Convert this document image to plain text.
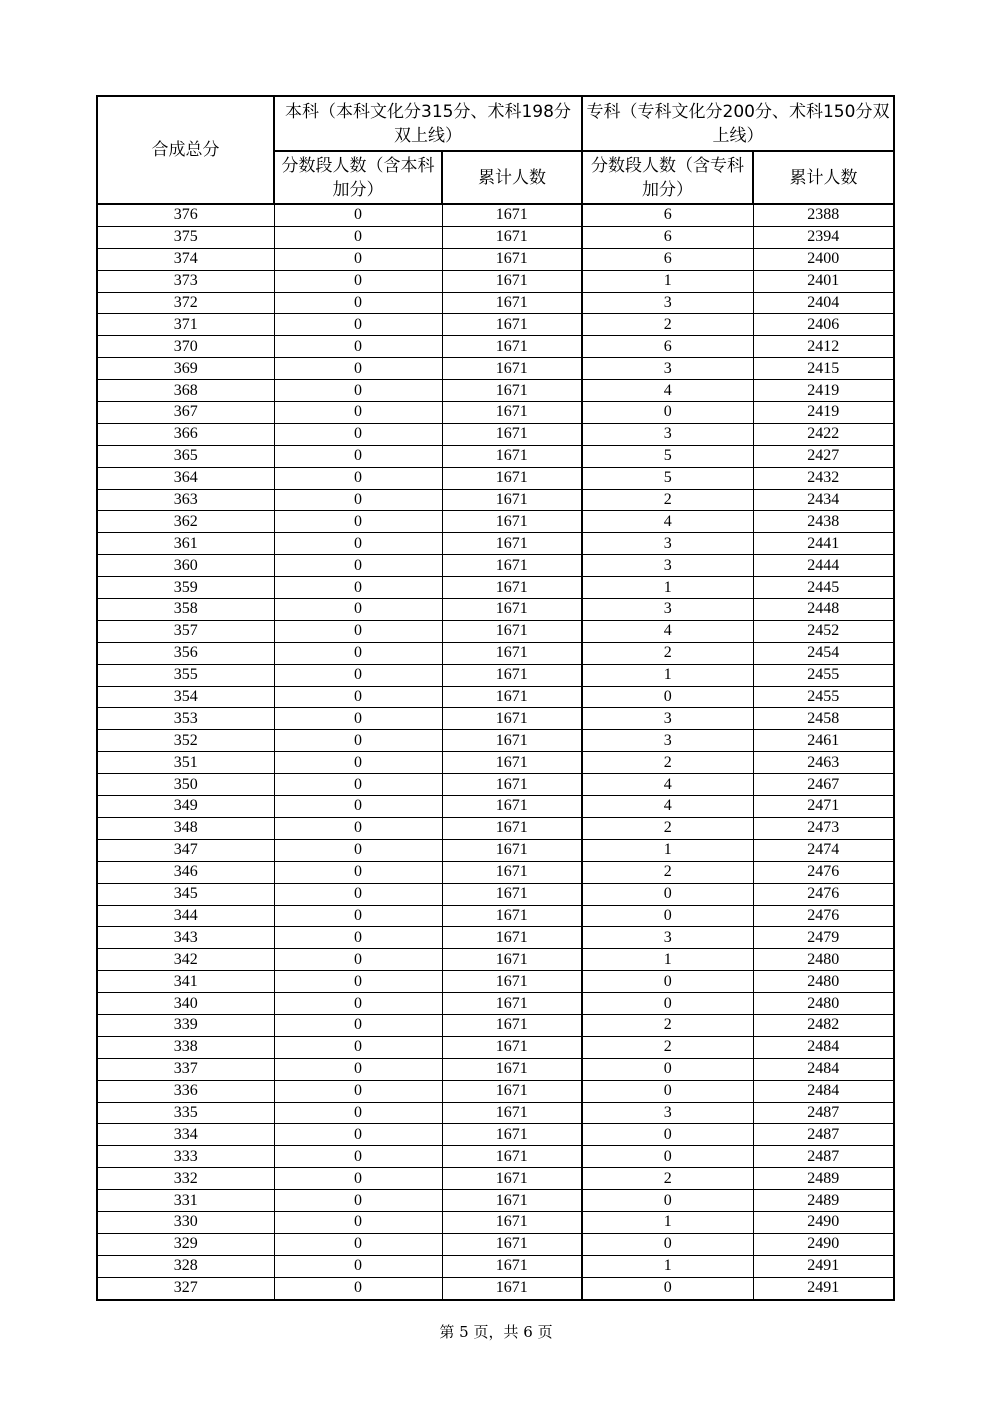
合成总分	本科（本科文化分315分、术科198分双上线）		专科（专科文化分200分、术科150分双上线）	

	分数段人数（含本科加分）	累计人数	分数段人数（含专科加分）	累计人数

376	0	1671	6	2388
375	0	1671	6	2394
374	0	1671	6	2400
373	0	1671	1	2401
372	0	1671	3	2404
371	0	1671	2	2406
370	0	1671	6	2412
369	0	1671	3	2415
368	0	1671	4	2419
367	0	1671	0	2419
366	0	1671	3	2422
365	0	1671	5	2427
364	0	1671	5	2432
363	0	1671	2	2434
362	0	1671	4	2438
361	0	1671	3	2441
360	0	1671	3	2444
359	0	1671	1	2445
358	0	1671	3	2448
357	0	1671	4	2452
356	0	1671	2	2454
355	0	1671	1	2455
354	0	1671	0	2455
353	0	1671	3	2458
352	0	1671	3	2461
351	0	1671	2	2463
350	0	1671	4	2467
349	0	1671	4	2471
348	0	1671	2	2473
347	0	1671	1	2474
346	0	1671	2	2476
345	0	1671	0	2476
344	0	1671	0	2476
343	0	1671	3	2479
342	0	1671	1	2480
341	0	1671	0	2480
340	0	1671	0	2480
339	0	1671	2	2482
338	0	1671	2	2484
337	0	1671	0	2484
336	0	1671	0	2484
335	0	1671	3	2487
334	0	1671	0	2487
333	0	1671	0	2487
332	0	1671	2	2489
331	0	1671	0	2489
330	0	1671	1	2490
329	0	1671	0	2490
328	0	1671	1	2491
327	0	1671	0	2491
第 5 页，共 6 页
